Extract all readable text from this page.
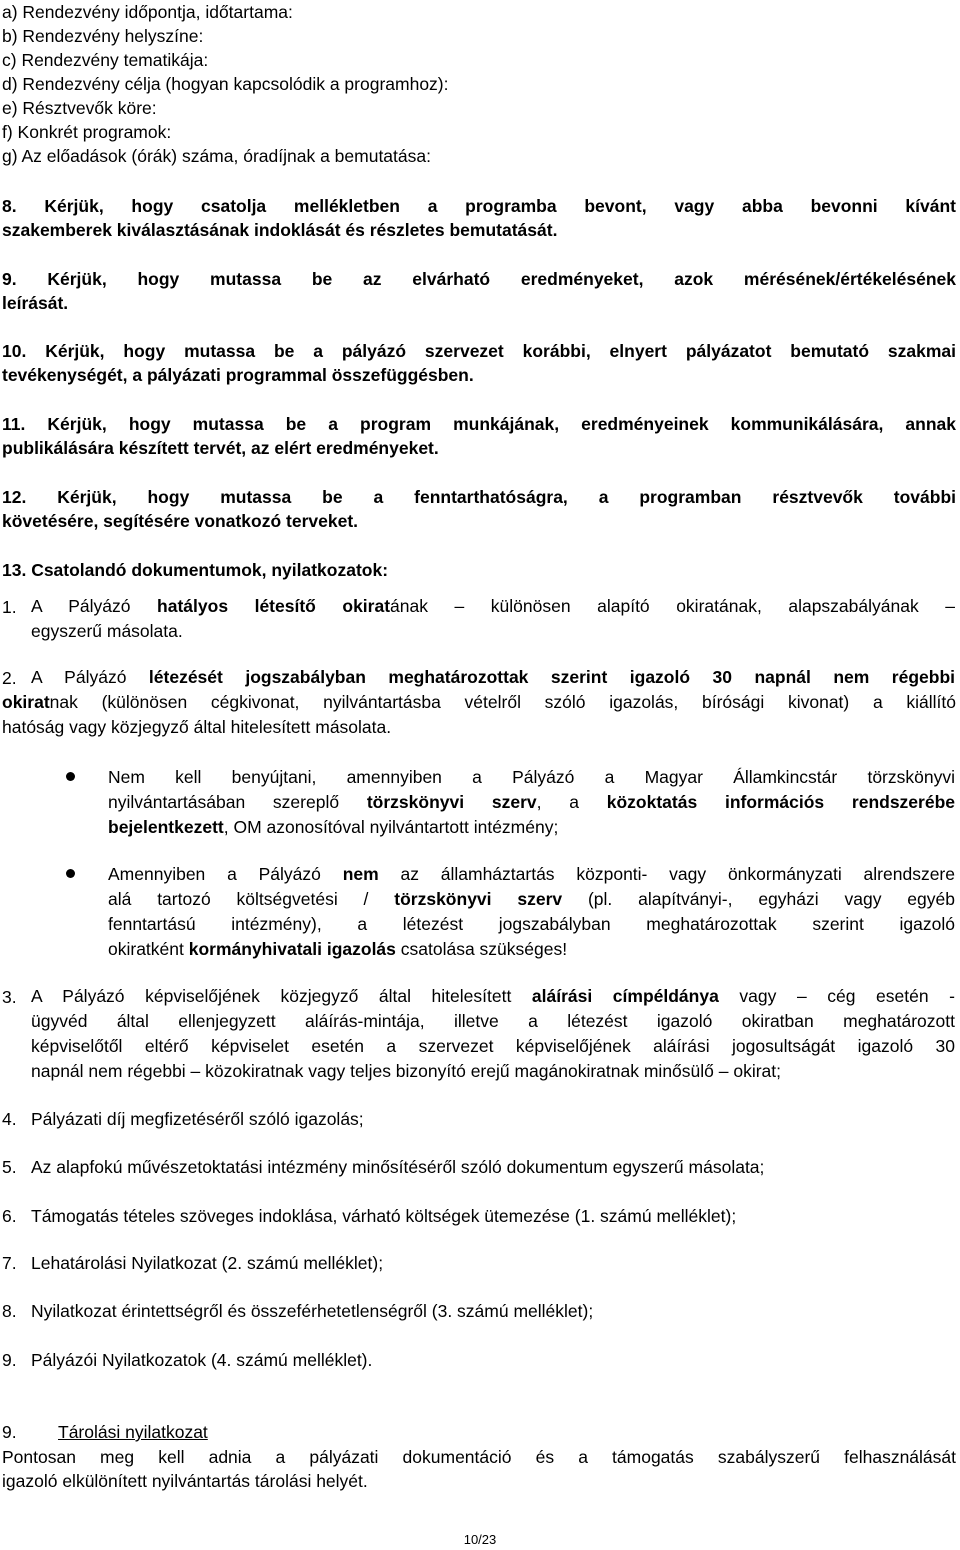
a) Rendezvény időpontja, időtartama:
b) Rendezvény helyszíne:
c) Rendezvény tematikája:
d) Rendezvény célja (hogyan kapcsolódik a programhoz):
e) Résztvevők köre:
f) Konkrét programok:
g) Az előadások (órák) száma, óradíjnak a bemutatása:
8. Kérjük, hogy csatolja mellékletben a programba bevont, vagy abba bevonni kívánt
szakemberek kiválasztásának indoklását és részletes bemutatását.
9. Kérjük, hogy mutassa be az elvárható eredményeket, azok mérésének/értékelésének
leírását.
10. Kérjük, hogy mutassa be a pályázó szervezet korábbi, elnyert pályázatot bemutató szakmai
tevékenységét, a pályázati programmal összefüggésben.
11. Kérjük, hogy mutassa be a program munkájának, eredményeinek kommunikálására, annak
publikálására készített tervét, az elért eredményeket.
12. Kérjük, hogy mutassa be a fenntarthatóságra, a programban résztvevők további
követésére, segítésére vonatkozó terveket.
13. Csatolandó dokumentumok, nyilatkozatok:
1. A Pályázó hatályos létesítő okiratának – különösen alapító okiratának, alapszabályának –
egyszerű másolata.
2. A Pályázó létezését jogszabályban meghatározottak szerint igazoló 30 napnál nem régebbi
okiratnak (különösen cégkivonat, nyilvántartásba vételről szóló igazolás, bírósági kivonat) a kiállító
hatóság vagy közjegyző által hitelesített másolata.
Nem kell benyújtani, amennyiben a Pályázó a Magyar Államkincstár törzskönyvi
nyilvántartásában szereplő törzskönyvi szerv, a közoktatás információs rendszerébe
bejelentkezett, OM azonosítóval nyilvántartott intézmény;
Amennyiben a Pályázó nem az államháztartás központi- vagy önkormányzati alrendszere
alá tartozó költségvetési / törzskönyvi szerv (pl. alapítványi-, egyházi vagy egyéb
fenntartású intézmény), a létezést jogszabályban meghatározottak szerint igazoló
okiratként kormányhivatali igazolás csatolása szükséges!
3. A Pályázó képviselőjének közjegyző által hitelesített aláírási címpéldánya vagy – cég esetén -
ügyvéd által ellenjegyzett aláírás-mintája, illetve a létezést igazoló okiratban meghatározott
képviselőtől eltérő képviselet esetén a szervezet képviselőjének aláírási jogosultságát igazoló 30
napnál nem régebbi – közokiratnak vagy teljes bizonyító erejű magánokiratnak minősülő – okirat;
4. Pályázati díj megfizetéséről szóló igazolás;
5. Az alapfokú művészetoktatási intézmény minősítéséről szóló dokumentum egyszerű másolata;
6. Támogatás tételes szöveges indoklása, várható költségek ütemezése (1. számú melléklet);
7. Lehatárolási Nyilatkozat (2. számú melléklet);
8. Nyilatkozat érintettségről és összeférhetetlenségről (3. számú melléklet);
9. Pályázói Nyilatkozatok (4. számú melléklet).
9. Tárolási nyilatkozat
Pontosan meg kell adnia a pályázati dokumentáció és a támogatás szabályszerű felhasználását
igazoló elkülönített nyilvántartás tárolási helyét.
10/23
